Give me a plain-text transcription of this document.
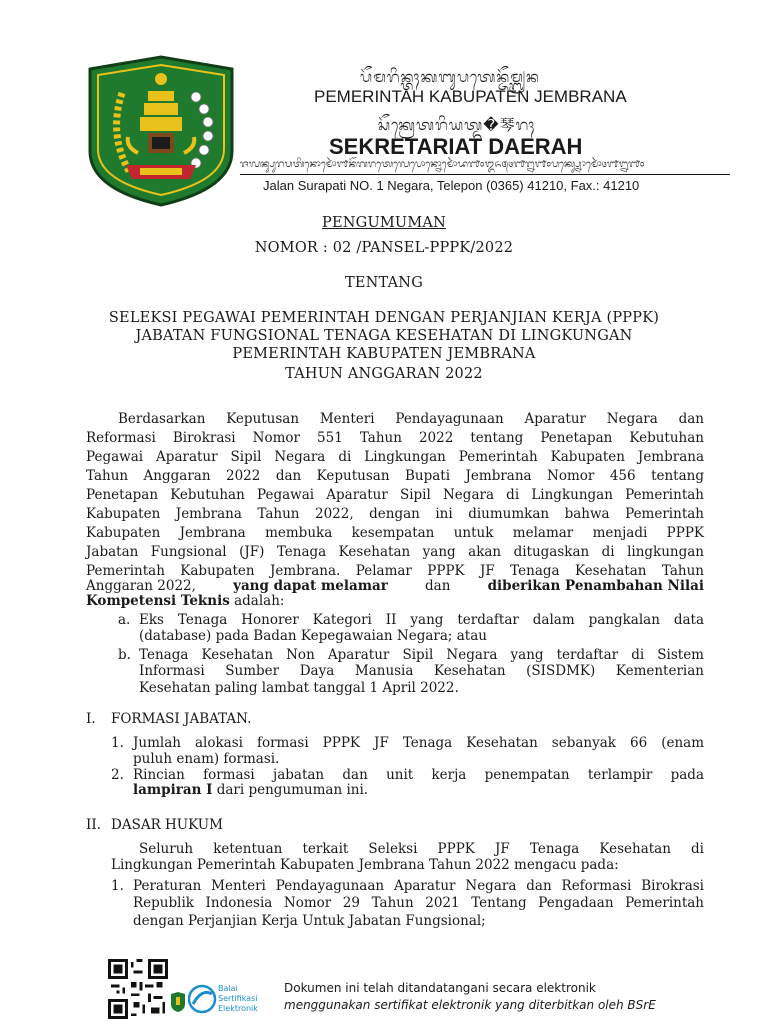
ᬧᭂᬫᬭᬶᬦ᭄ᬢᬄᬓᬩᬸᬧᬢᬾᬦ᭄ᬚᭂᬫ᭄ᬩ᭄ᬭᬦ
PEMERINTAH KABUPATEN JEMBRANA
ᬲᭂᬓ᭄ᬭᬾᬢᬭᬶᬬᬢ᭄ᬤ�琴ᬭᬄ
SEKRETARIAT DAERAH
ᬚᬮᬦ᭄ᬲᬸᬭᬧᬢᬶᬦᭀᬫᭀᬃ᭑ᬦᭂᬕᬭᬢᬾᬮᬾᬧᭀᬦ᭄ᬦᭀᬫᭀᬃᬤ᭑᭐᭓᭖᭕᭔᭑᭒᭑᭐ᬧᬓ᭄ᬲ᭄ᬦᭀᬫᭀᬃ᭔᭑᭒᭑᭐
Jalan Surapati NO. 1 Negara, Telepon (0365) 41210, Fax.: 41210
PENGUMUMAN
NOMOR : 02 /PANSEL-PPPK/2022
TENTANG
SELEKSI PEGAWAI PEMERINTAH DENGAN PERJANJIAN KERJA (PPPK)
JABATAN FUNGSIONAL TENAGA KESEHATAN DI LINGKUNGAN
PEMERINTAH KABUPATEN JEMBRANA
TAHUN ANGGARAN 2022
Berdasarkan Keputusan Menteri Pendayagunaan Aparatur Negara dan
Reformasi Birokrasi Nomor 551 Tahun 2022 tentang Penetapan Kebutuhan
Pegawai Aparatur Sipil Negara di Lingkungan Pemerintah Kabupaten Jembrana
Tahun Anggaran 2022 dan Keputusan Bupati Jembrana Nomor 456 tentang
Penetapan Kebutuhan Pegawai Aparatur Sipil Negara di Lingkungan Pemerintah
Kabupaten Jembrana Tahun 2022, dengan ini diumumkan bahwa Pemerintah
Kabupaten Jembrana membuka kesempatan untuk melamar menjadi PPPK
Jabatan Fungsional (JF) Tenaga Kesehatan yang akan ditugaskan di lingkungan
Pemerintah Kabupaten Jembrana. Pelamar PPPK JF Tenaga Kesehatan Tahun
Anggaran 2022,	yang dapat melamar	dan	diberikan Penambahan Nilai
Kompetensi Teknis adalah:
a. Eks Tenaga Honorer Kategori II yang terdaftar dalam pangkalan data
(database) pada Badan Kepegawaian Negara; atau
b. Tenaga Kesehatan Non Aparatur Sipil Negara yang terdaftar di Sistem
Informasi Sumber Daya Manusia Kesehatan (SISDMK) Kementerian
Kesehatan paling lambat tanggal 1 April 2022.
I. FORMASI JABATAN.
1. Jumlah alokasi formasi PPPK JF Tenaga Kesehatan sebanyak 66 (enam
puluh enam) formasi.
2. Rincian formasi jabatan dan unit kerja penempatan terlampir pada
lampiran I dari pengumuman ini.
II. DASAR HUKUM
Seluruh ketentuan terkait Seleksi PPPK JF Tenaga Kesehatan di
Lingkungan Pemerintah Kabupaten Jembrana Tahun 2022 mengacu pada:
1. Peraturan Menteri Pendayagunaan Aparatur Negara dan Reformasi Birokrasi
Republik Indonesia Nomor 29 Tahun 2021 Tentang Pengadaan Pemerintah
dengan Perjanjian Kerja Untuk Jabatan Fungsional;
Balai
Sertifikasi
Elektronik
Dokumen ini telah ditandatangani secara elektronik
menggunakan sertifikat elektronik yang diterbitkan oleh BSrE
